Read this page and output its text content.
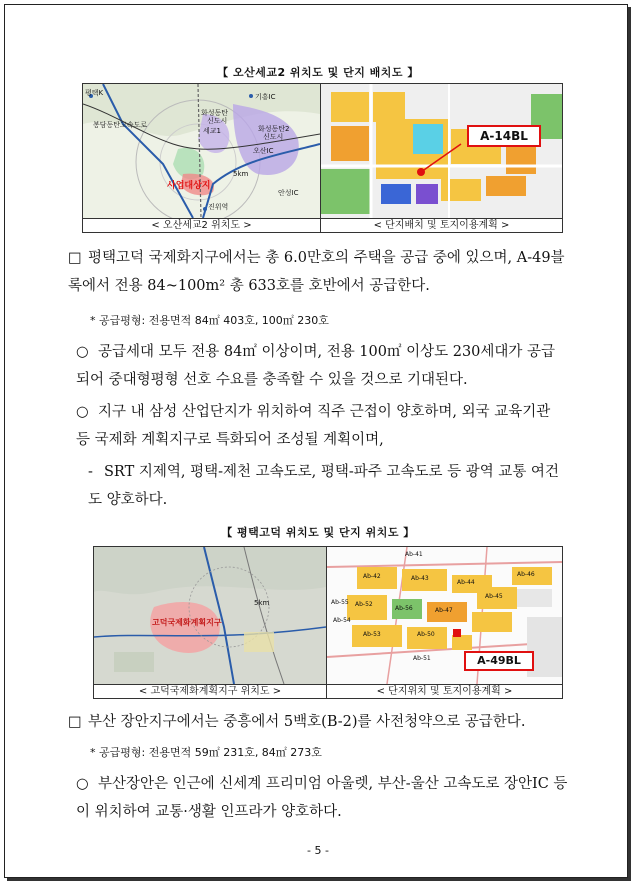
【 오산세교2 위치도 및 단지 배치도 】
평택K	기흥IC
화성동탄
신도시
화성동탄2
신도시
세교1
사업대상지
5km
오산IC
안성IC
진위역
봉담동탄고속도로
A-14BL
< 오산세교2 위치도 >	< 단지배치 및 토지이용계획 >
□ 평택고덕 국제화지구에서는 총 6.0만호의 주택을 공급 중에 있으며, A-49블록에서 전용 84~100m² 총 633호를 호반에서 공급한다.
* 공급평형: 전용면적 84㎡ 403호, 100㎡ 230호
○ 공급세대 모두 전용 84㎡ 이상이며, 전용 100㎡ 이상도 230세대가 공급되어 중대형평형 선호 수요를 충족할 수 있을 것으로 기대된다.
○ 지구 내 삼성 산업단지가 위치하여 직주 근접이 양호하며, 외국 교육기관 등 국제화 계획지구로 특화되어 조성될 계획이며,
- SRT 지제역, 평택-제천 고속도로, 평택-파주 고속도로 등 광역 교통 여건도 양호하다.
【 평택고덕 위치도 및 단지 위치도 】
5km
고덕국제화계획지구
Ab-41
Ab-42	Ab-43
Ab-44
Ab-45
Ab-46
Ab-50
Ab-51
Ab-52
Ab-53
Ab-54
Ab-55
Ab-56	Ab-47
A-49BL
< 고덕국제화계획지구 위치도 >	< 단지위치 및 토지이용계획 >
□ 부산 장안지구에서는 중흥에서 5백호(B-2)를 사전청약으로 공급한다.
* 공급평형: 전용면적 59㎡ 231호, 84㎡ 273호
○ 부산장안은 인근에 신세계 프리미엄 아울렛, 부산-울산 고속도로 장안IC 등이 위치하여 교통·생활 인프라가 양호하다.
- 5 -
